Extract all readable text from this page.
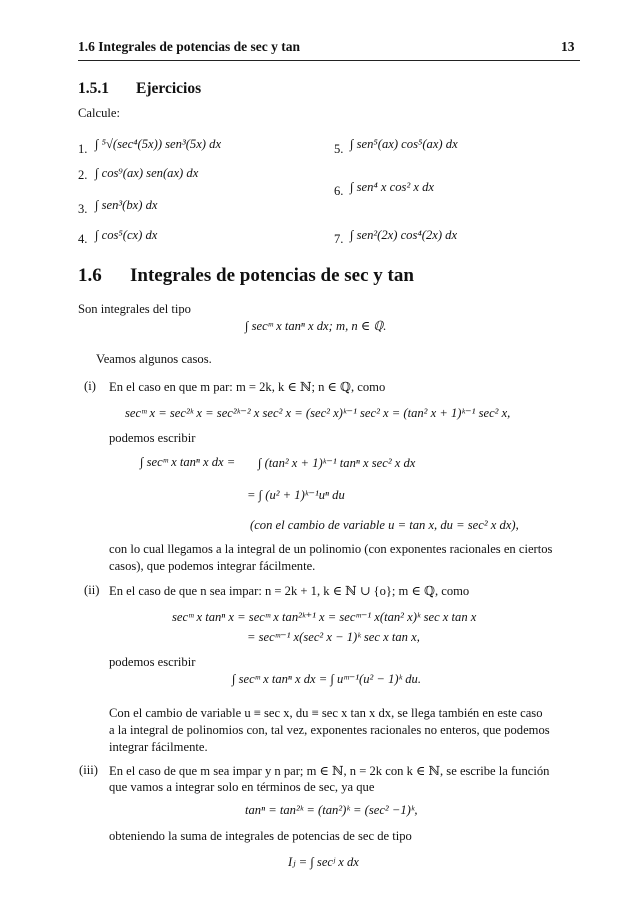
1.6 Integrales de potencias de sec y tan	13
1.5.1 Ejercicios
Calcule:
1. ∫ ⁵√(sec⁴(5x)) sen³(5x) dx
2. ∫ cos⁹(ax) sen(ax) dx
3. ∫ sen³(bx) dx
4. ∫ cos⁵(cx) dx
5. ∫ sen⁵(ax) cos⁵(ax) dx
6. ∫ sen⁴ x cos² x dx
7. ∫ sen²(2x) cos⁴(2x) dx
1.6 Integrales de potencias de sec y tan
Son integrales del tipo
∫ secᵐ x tanⁿ x dx; m, n ∈ ℚ.
Veamos algunos casos.
(i) En el caso en que m par: m = 2k, k ∈ ℕ; n ∈ ℚ, como
secᵐ x = sec²ᵏ x = sec²ᵏ⁻² x sec² x = (sec² x)ᵏ⁻¹ sec² x = (tan² x + 1)ᵏ⁻¹ sec² x,
podemos escribir
∫ secᵐ x tanⁿ x dx = ∫ (tan² x + 1)ᵏ⁻¹ tanⁿ x sec² x dx
= ∫ (u² + 1)ᵏ⁻¹uⁿ du
(con el cambio de variable u = tan x, du = sec² x dx),
con lo cual llegamos a la integral de un polinomio (con exponentes racionales en ciertos
casos), que podemos integrar fácilmente.
(ii) En el caso de que n sea impar: n = 2k + 1, k ∈ ℕ ∪ {o}; m ∈ ℚ, como
secᵐ x tanⁿ x = secᵐ x tan²ᵏ⁺¹ x = secᵐ⁻¹ x(tan² x)ᵏ sec x tan x
= secᵐ⁻¹ x(sec² x − 1)ᵏ sec x tan x,
podemos escribir
∫ secᵐ x tanⁿ x dx = ∫ uᵐ⁻¹(u² − 1)ᵏ du.
Con el cambio de variable u ≡ sec x, du ≡ sec x tan x dx, se llega también en este caso
a la integral de polinomios con, tal vez, exponentes racionales no enteros, que podemos
integrar fácilmente.
(iii) En el caso de que m sea impar y n par; m ∈ ℕ, n = 2k con k ∈ ℕ, se escribe la función
que vamos a integrar solo en términos de sec, ya que
tanⁿ = tan²ᵏ = (tan²)ᵏ = (sec² −1)ᵏ,
obteniendo la suma de integrales de potencias de sec de tipo
Iⱼ = ∫ secʲ x dx
